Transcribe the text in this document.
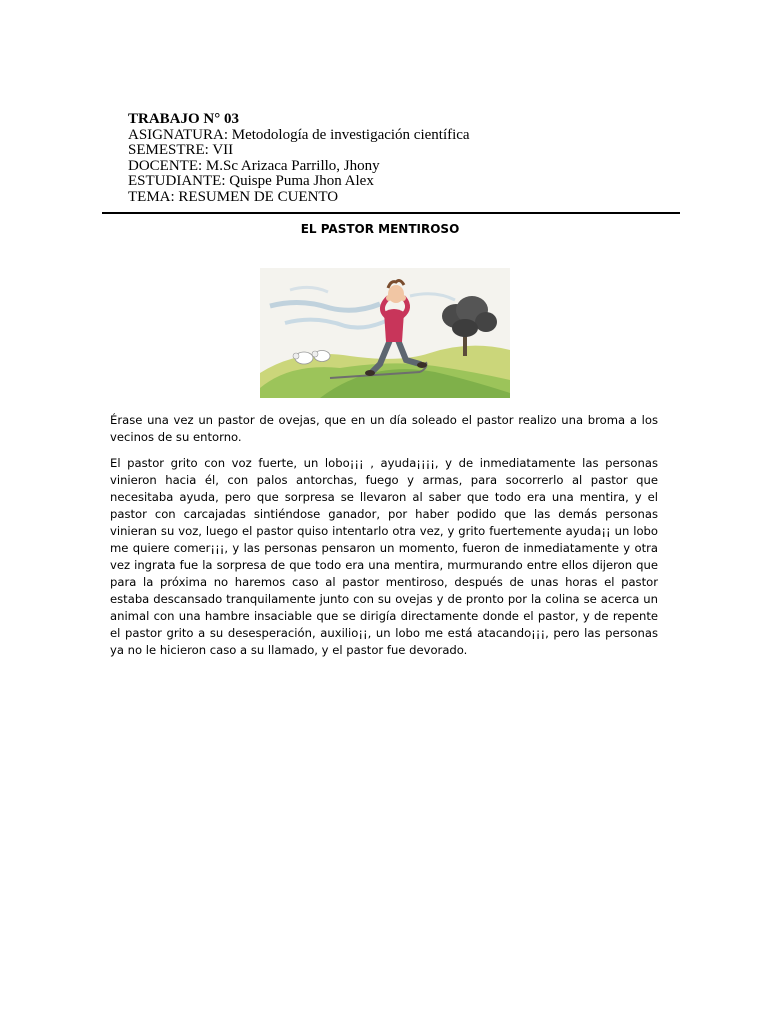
TRABAJO N° 03
ASIGNATURA: Metodología de investigación científica
SEMESTRE: VII
DOCENTE: M.Sc Arizaca Parrillo, Jhony
ESTUDIANTE: Quispe Puma Jhon Alex
TEMA: RESUMEN DE CUENTO
EL PASTOR MENTIROSO

Érase una vez un pastor de ovejas, que en un día soleado el pastor realizo una broma a los vecinos de su entorno.

El pastor grito con voz fuerte, un lobo¡¡¡ , ayuda¡¡¡¡, y de inmediatamente las personas vinieron hacia él, con palos antorchas, fuego y armas, para socorrerlo al pastor que necesitaba ayuda, pero que sorpresa se llevaron al saber que todo era una mentira, y el pastor con carcajadas sintiéndose ganador, por haber podido que las demás personas vinieran su voz, luego el pastor quiso intentarlo otra vez, y grito fuertemente ayuda¡¡ un lobo me quiere comer¡¡¡, y las personas pensaron un momento, fueron de inmediatamente y otra vez ingrata fue la sorpresa de que todo era una mentira, murmurando entre ellos dijeron que para la próxima no haremos caso al pastor mentiroso, después de unas horas el pastor estaba descansado tranquilamente junto con su ovejas y de pronto por la colina se acerca un animal con una hambre insaciable que se dirigía directamente donde el pastor, y de repente el pastor grito a su desesperación, auxilio¡¡, un lobo me está atacando¡¡¡, pero las personas ya no le hicieron caso a su llamado, y el pastor fue devorado.
